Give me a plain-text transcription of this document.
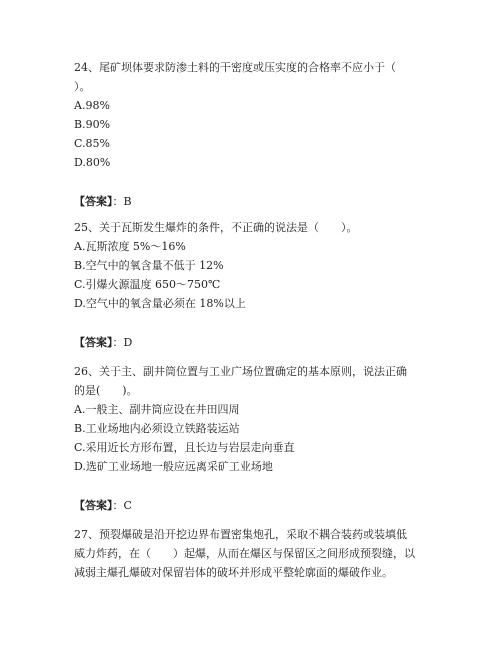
24、尾矿坝体要求防渗土料的干密度或压实度的合格率不应小于（
）。
A.98%
B.90%
C.85%
D.80%
【答案】：B
25、关于瓦斯发生爆炸的条件，不正确的说法是（　　）。
A.瓦斯浓度 5%～16%
B.空气中的氧含量不低于 12%
C.引爆火源温度 650～750℃
D.空气中的氧含量必须在 18%以上
【答案】：D
26、关于主、副井筒位置与工业广场位置确定的基本原则，说法正确
的是(　　)。
A.一般主、副井筒应设在井田四周
B.工业场地内必须设立铁路装运站
C.采用近长方形布置，且长边与岩层走向垂直
D.选矿工业场地一般应远离采矿工业场地
【答案】：C
27、预裂爆破是沿开挖边界布置密集炮孔，采取不耦合装药或装填低
威力炸药，在（　　）起爆，从而在爆区与保留区之间形成预裂缝，以
减弱主爆孔爆破对保留岩体的破坏并形成平整轮廓面的爆破作业。
